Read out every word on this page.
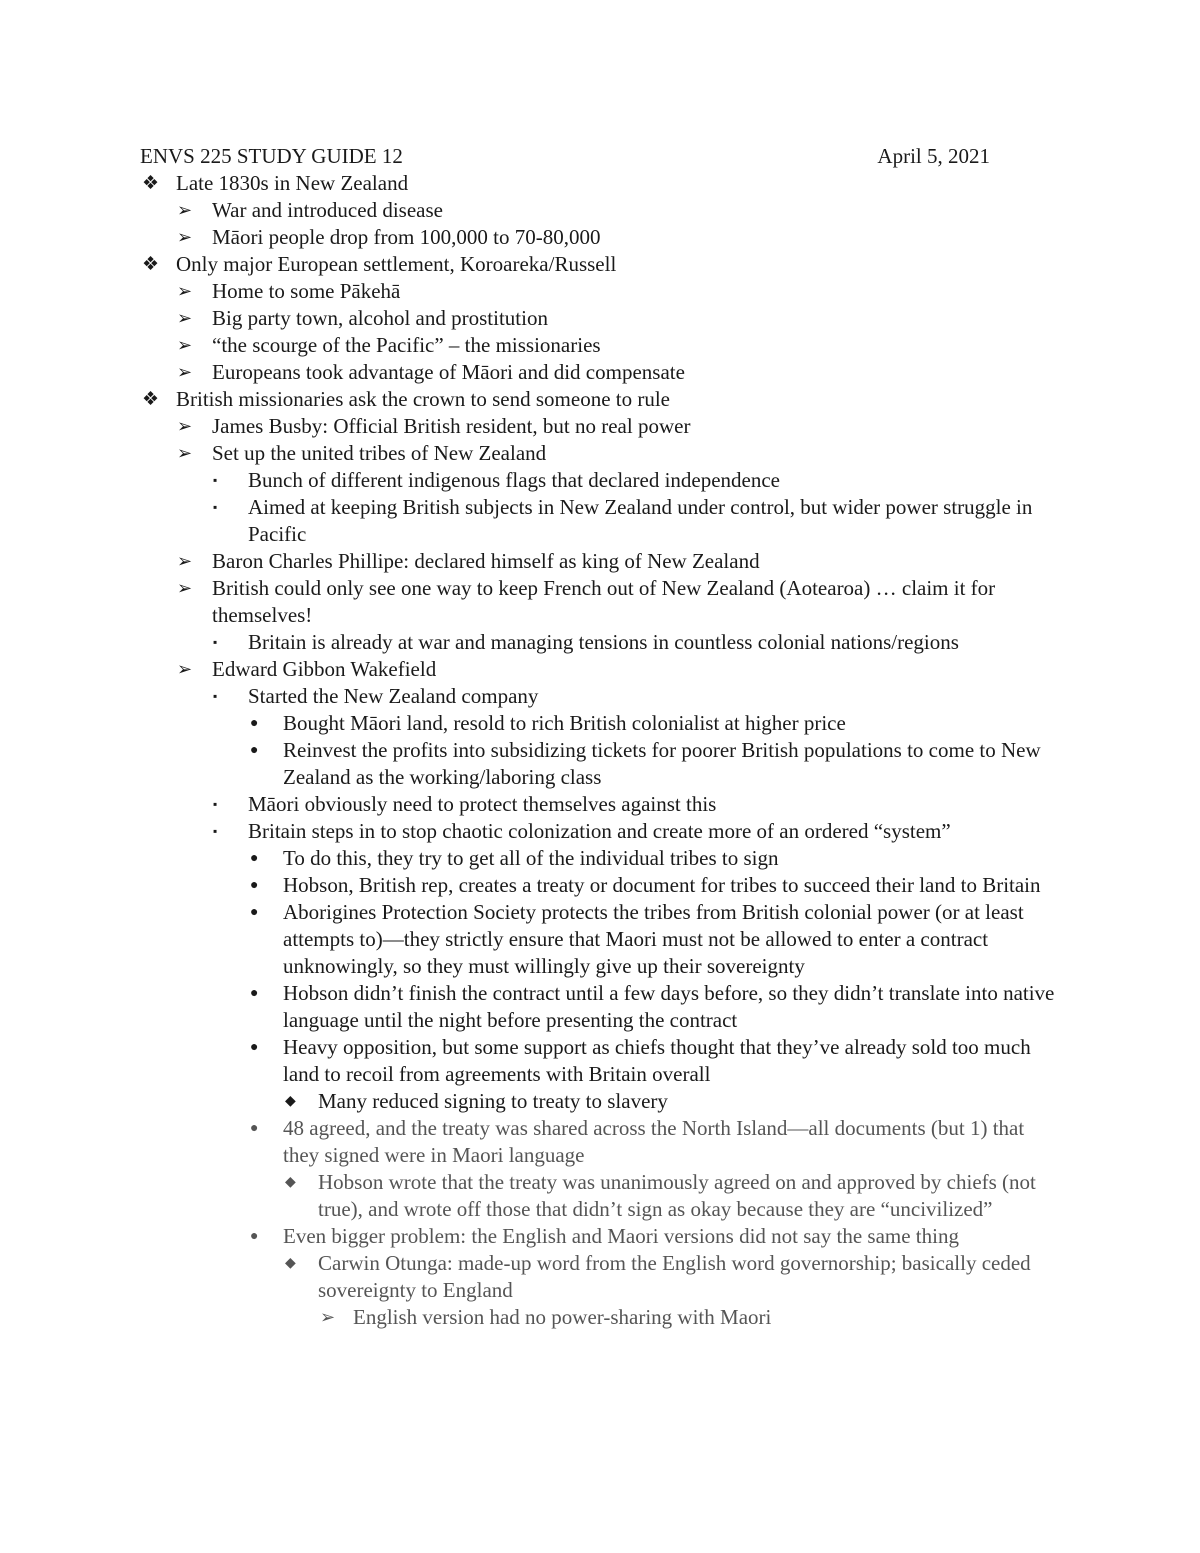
ENVS 225 STUDY GUIDE 12	April 5, 2021
❖ Late 1830s in New Zealand
➢ War and introduced disease
➢ Māori people drop from 100,000 to 70-80,000
❖ Only major European settlement, Koroareka/Russell
➢ Home to some Pākehā
➢ Big party town, alcohol and prostitution
➢ “the scourge of the Pacific” – the missionaries
➢ Europeans took advantage of Māori and did compensate
❖ British missionaries ask the crown to send someone to rule
➢ James Busby: Official British resident, but no real power
➢ Set up the united tribes of New Zealand
▪	Bunch of different indigenous flags that declared independence
▪	Aimed at keeping British subjects in New Zealand under control, but wider power struggle in Pacific
➢ Baron Charles Phillipe: declared himself as king of New Zealand
➢ British could only see one way to keep French out of New Zealand (Aotearoa) … claim it for themselves!
▪	Britain is already at war and managing tensions in countless colonial nations/regions
➢ Edward Gibbon Wakefield
▪	Started the New Zealand company
●	Bought Māori land, resold to rich British colonialist at higher price
●	Reinvest the profits into subsidizing tickets for poorer British populations to come to New Zealand as the working/laboring class
▪	Māori obviously need to protect themselves against this
▪	Britain steps in to stop chaotic colonization and create more of an ordered “system”
●	To do this, they try to get all of the individual tribes to sign
●	Hobson, British rep, creates a treaty or document for tribes to succeed their land to Britain
●	Aborigines Protection Society protects the tribes from British colonial power (or at least attempts to)—they strictly ensure that Maori must not be allowed to enter a contract unknowingly, so they must willingly give up their sovereignty
●	Hobson didn’t finish the contract until a few days before, so they didn’t translate into native language until the night before presenting the contract
●	Heavy opposition, but some support as chiefs thought that they’ve already sold too much land to recoil from agreements with Britain overall
◆	Many reduced signing to treaty to slavery
●	48 agreed, and the treaty was shared across the North Island—all documents (but 1) that they signed were in Maori language
◆	Hobson wrote that the treaty was unanimously agreed on and approved by chiefs (not true), and wrote off those that didn’t sign as okay because they are “uncivilized”
●	Even bigger problem: the English and Maori versions did not say the same thing
◆	Carwin Otunga: made-up word from the English word governorship; basically ceded sovereignty to England
➢ English version had no power-sharing with Maori
